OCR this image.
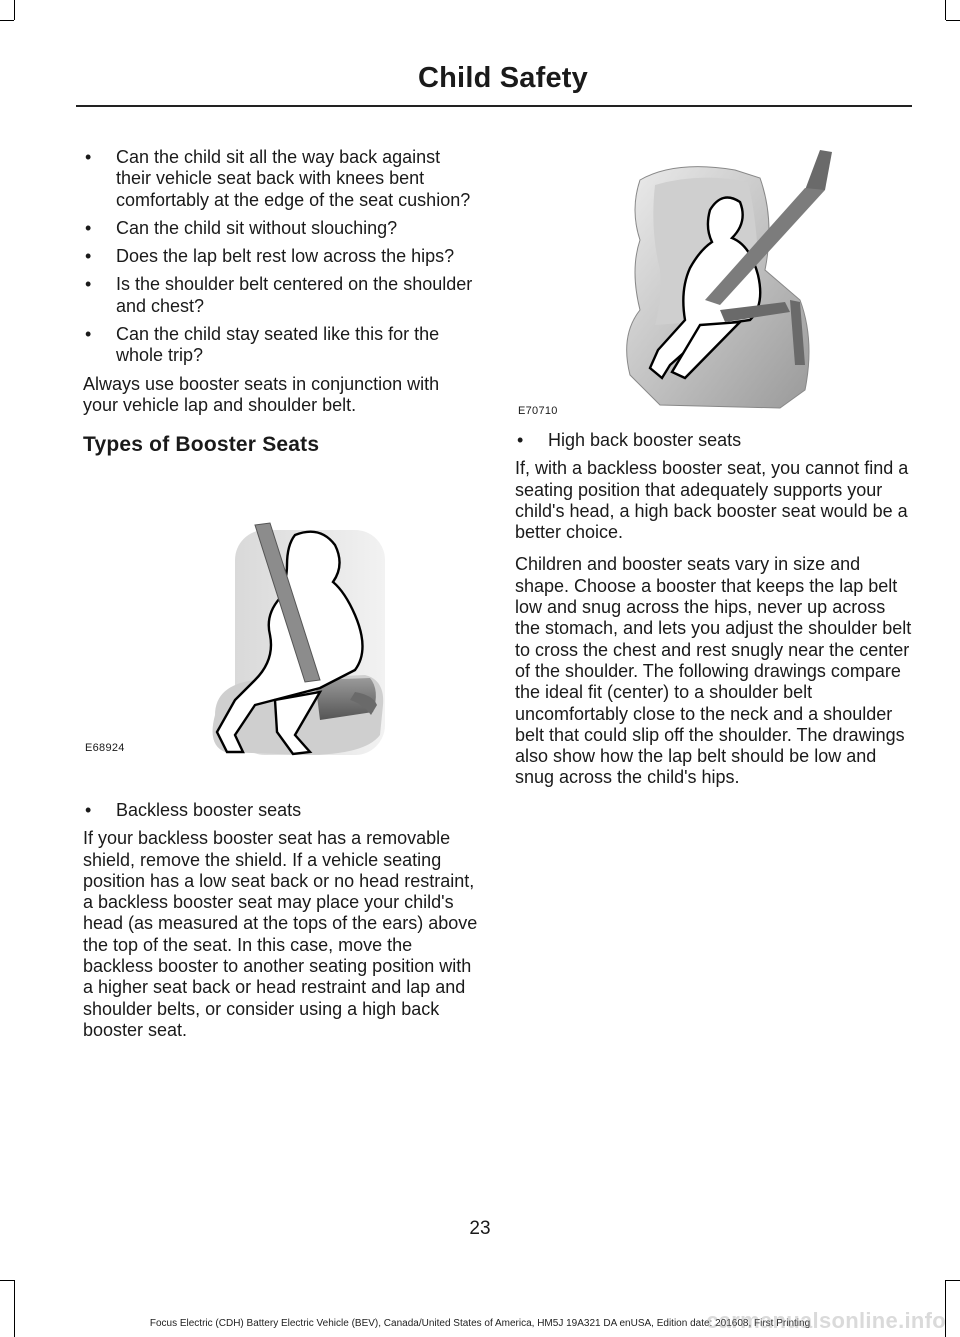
Child Safety
• Can the child sit all the way back against their vehicle seat back with knees bent comfortably at the edge of the seat cushion?
• Can the child sit without slouching?
• Does the lap belt rest low across the hips?
• Is the shoulder belt centered on the shoulder and chest?
• Can the child stay seated like this for the whole trip?

Always use booster seats in conjunction with your vehicle lap and shoulder belt.

Types of Booster Seats
E68924
• Backless booster seats

If your backless booster seat has a removable shield, remove the shield. If a vehicle seating position has a low seat back or no head restraint, a backless booster seat may place your child's head (as measured at the tops of the ears) above the top of the seat. In this case, move the backless booster to another seating position with a higher seat back or head restraint and lap and shoulder belts, or consider using a high back booster seat.

E70710
• High back booster seats

If, with a backless booster seat, you cannot find a seating position that adequately supports your child's head, a high back booster seat would be a better choice.

Children and booster seats vary in size and shape. Choose a booster that keeps the lap belt low and snug across the hips, never up across the stomach, and lets you adjust the shoulder belt to cross the chest and rest snugly near the center of the shoulder. The following drawings compare the ideal fit (center) to a shoulder belt uncomfortably close to the neck and a shoulder belt that could slip off the shoulder. The drawings also show how the lap belt should be low and snug across the child's hips.

23
Focus Electric (CDH) Battery Electric Vehicle (BEV), Canada/United States of America, HM5J 19A321 DA enUSA, Edition date: 201608, First Printing
carmanualsonline.info
